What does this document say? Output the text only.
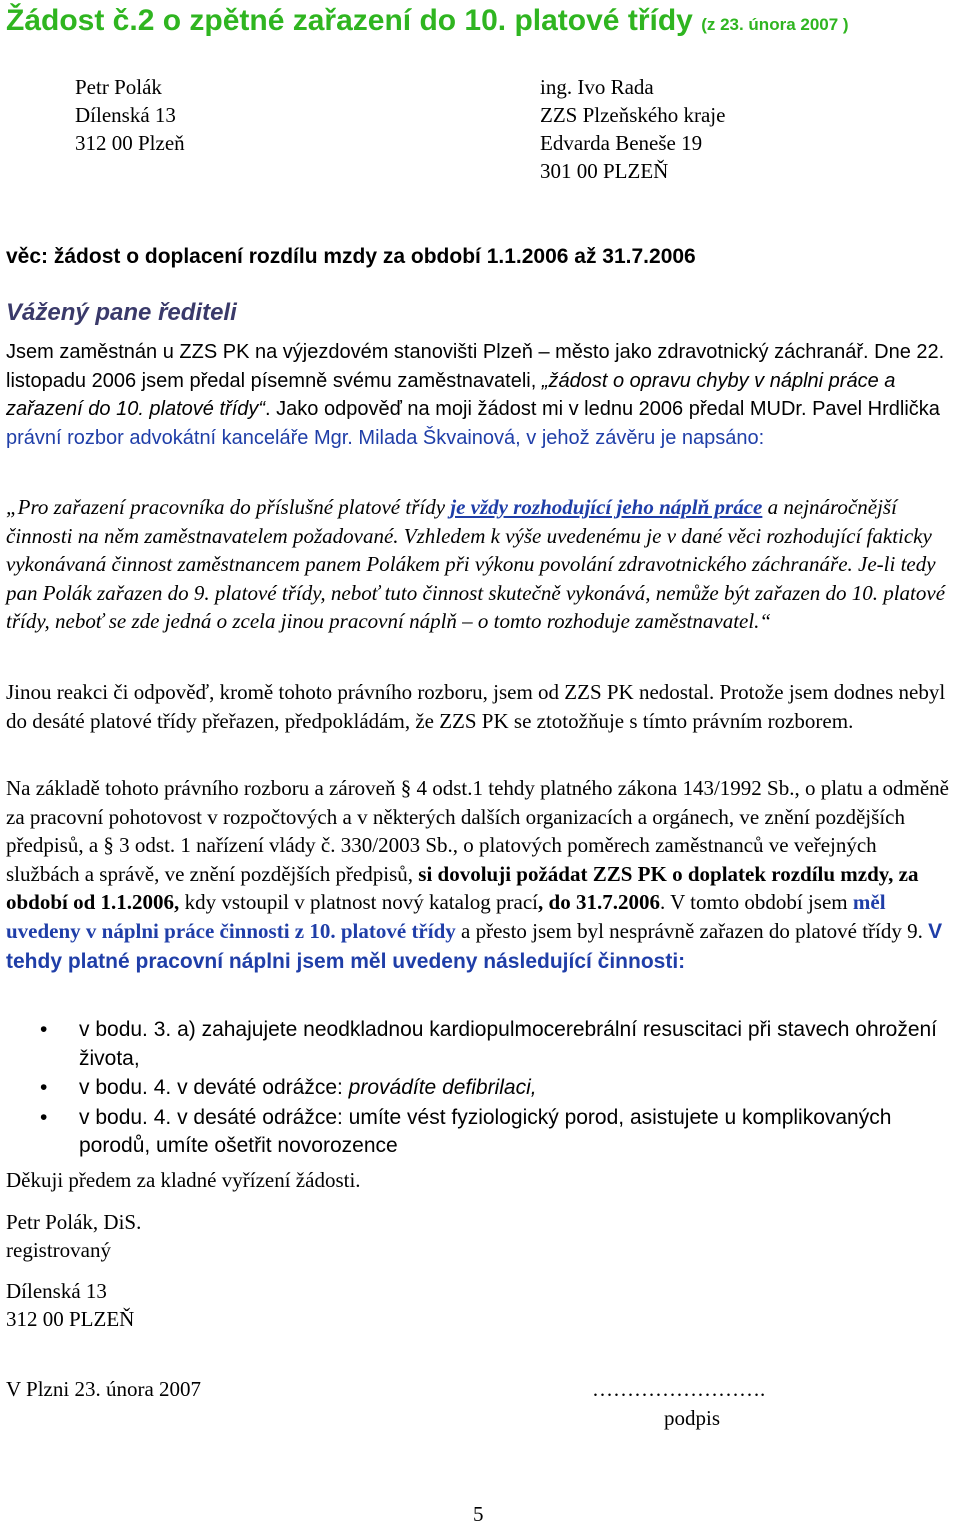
Žádost č.2 o zpětné zařazení do 10. platové třídy (z 23. února 2007 )
Petr Polák
Dílenská 13
312 00 Plzeň
ing. Ivo Rada
ZZS Plzeňského kraje
Edvarda Beneše 19
301 00 PLZEŇ
věc: žádost o doplacení rozdílu mzdy za období 1.1.2006 až 31.7.2006
Vážený pane řediteli
Jsem zaměstnán u ZZS PK na výjezdovém stanovišti Plzeň – město jako zdravotnický záchranář. Dne 22. listopadu 2006 jsem předal písemně svému zaměstnavateli, „žádost o opravu chyby v náplni práce a zařazení do 10. platové třídy“. Jako odpověď na moji žádost mi v lednu 2006 předal MUDr. Pavel Hrdlička právní rozbor advokátní kanceláře Mgr. Milada Škvainová, v jehož závěru je napsáno:
„Pro zařazení pracovníka do příslušné platové třídy je vždy rozhodující jeho náplň práce a nejnáročnější činnosti na něm zaměstnavatelem požadované. Vzhledem k výše uvedenému je v dané věci rozhodující fakticky vykonávaná činnost zaměstnancem panem Polákem při výkonu povolání zdravotnického záchranáře. Je-li tedy pan Polák zařazen do 9. platové třídy, neboť tuto činnost skutečně vykonává, nemůže být zařazen do 10. platové třídy, neboť se zde jedná o zcela jinou pracovní náplň – o tomto rozhoduje zaměstnavatel.“
Jinou reakci či odpověď, kromě tohoto právního rozboru, jsem od ZZS PK nedostal. Protože jsem dodnes nebyl do desáté platové třídy přeřazen, předpokládám, že ZZS PK se ztotožňuje s tímto právním rozborem.
Na základě tohoto právního rozboru a zároveň § 4 odst.1 tehdy platného zákona 143/1992 Sb., o platu a odměně za pracovní pohotovost v rozpočtových a v některých dalších organizacích a orgánech, ve znění pozdějších předpisů, a § 3 odst. 1 nařízení vlády č. 330/2003 Sb., o platových poměrech zaměstnanců ve veřejných službách a správě, ve znění pozdějších předpisů, si dovoluji požádat ZZS PK o doplatek rozdílu mzdy, za období od 1.1.2006, kdy vstoupil v platnost nový katalog prací, do 31.7.2006. V tomto období jsem měl uvedeny v náplni práce činnosti z 10. platové třídy a přesto jsem byl nesprávně zařazen do platové třídy 9. V tehdy platné pracovní náplni jsem měl uvedeny následující činnosti:
• v bodu. 3. a) zahajujete neodkladnou kardiopulmocerebrální resuscitaci při stavech ohrožení života,
• v bodu. 4. v deváté odrážce: provádíte defibrilaci,
• v bodu. 4. v desáté odrážce: umíte vést fyziologický porod, asistujete u komplikovaných porodů, umíte ošetřit novorozence
Děkuji předem za kladné vyřízení žádosti.
Petr Polák, DiS.
registrovaný
Dílenská 13
312 00 PLZEŇ
V Plzni 23. února 2007	…………………….
podpis
5
